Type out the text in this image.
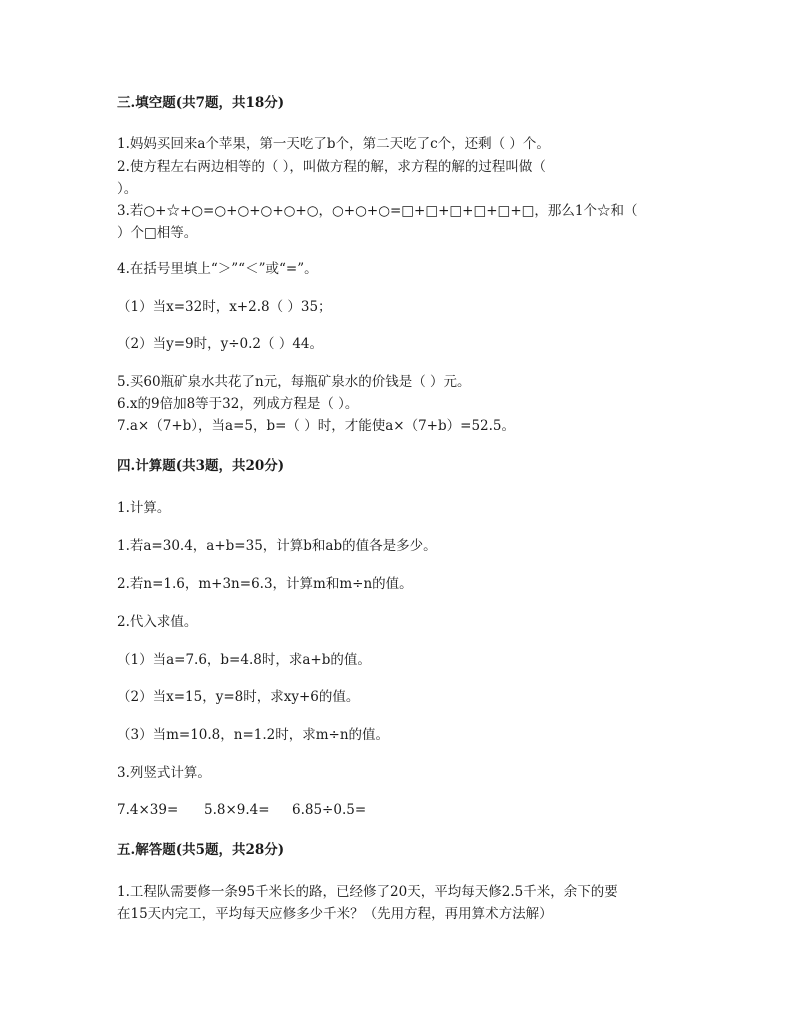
三.填空题(共7题，共18分)
1.妈妈买回来a个苹果，第一天吃了b个，第二天吃了c个，还剩（ ）个。
2.使方程左右两边相等的（ ），叫做方程的解，求方程的解的过程叫做（
）。
3.若○+☆+○=○+○+○+○+○，○+○+○=□+□+□+□+□+□，那么1个☆和（
）个□相等。
4.在括号里填上“＞”“＜”或“=”。
（1）当x=32时，x+2.8（ ）35；
（2）当y=9时，y÷0.2（ ）44。
5.买60瓶矿泉水共花了n元，每瓶矿泉水的价钱是（ ）元。
6.x的9倍加8等于32，列成方程是（ ）。
7.a×（7+b），当a=5，b=（ ）时，才能使a×（7+b）=52.5。
四.计算题(共3题，共20分)
1.计算。
1.若a=30.4，a+b=35，计算b和ab的值各是多少。
2.若n=1.6，m+3n=6.3，计算m和m÷n的值。
2.代入求值。
（1）当a=7.6，b=4.8时，求a+b的值。
（2）当x=15，y=8时，求xy+6的值。
（3）当m=10.8，n=1.2时，求m÷n的值。
3.列竖式计算。
7.4×39= 5.8×9.4= 6.85÷0.5=
五.解答题(共5题，共28分)
1.工程队需要修一条95千米长的路，已经修了20天，平均每天修2.5千米，余下的要
在15天内完工，平均每天应修多少千米？（先用方程，再用算术方法解）
